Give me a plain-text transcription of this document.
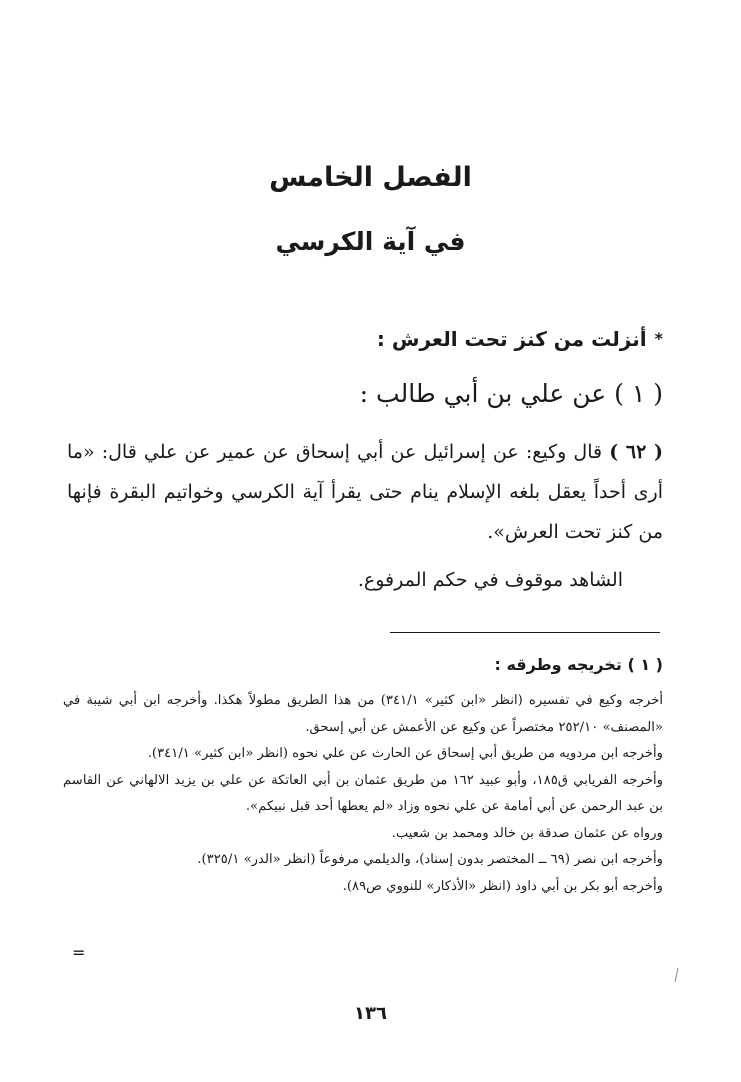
الفصل الخامس
في آية الكرسي
*أنزلت من كنز تحت العرش :
( ١ ) عن علي بن أبي طالب :
( ٦٢ ) قال وكيع: عن إسرائيل عن أبي إسحاق عن عمير عن علي قال: «ما أرى أحداً يعقل بلغه الإسلام ينام حتى يقرأ آية الكرسي وخواتيم البقرة فإنها من كنز تحت العرش».
الشاهد موقوف في حكم المرفوع.
( ١ ) تخريجه وطرقه :

أخرجه وكيع في تفسيره (انظر «ابن كثير» ٣٤١/١) من هذا الطريق مطولاً هكذا. وأخرجه ابن أبي شيبة في «المصنف» ٢٥٢/١٠ مختصراً عن وكيع عن الأعمش عن أبي إسحق.

وأخرجه ابن مردويه من طريق أبي إسحاق عن الحارث عن علي نحوه (انظر «ابن كثير» ٣٤١/١).

وأخرجه الفريابي ق١٨٥، وأبو عبيد ١٦٢ من طريق عثمان بن أبي العاتكة عن علي بن يزيد الالهاني عن القاسم بن عبد الرحمن عن أبي أمامة عن علي نحوه وزاد «لم يعطها أحد قبل نبيكم».

ورواه عن عثمان صدقة بن خالد ومحمد بن شعيب.

وأخرجه ابن نصر (٦٩ ــ المختصر بدون إسناد)، والديلمي مرفوعاً (انظر «الدر» ٣٢٥/١).

وأخرجه أبو بكر بن أبي داود (انظر «الأذكار» للنووي ص٨٩).

=
١٣٦
